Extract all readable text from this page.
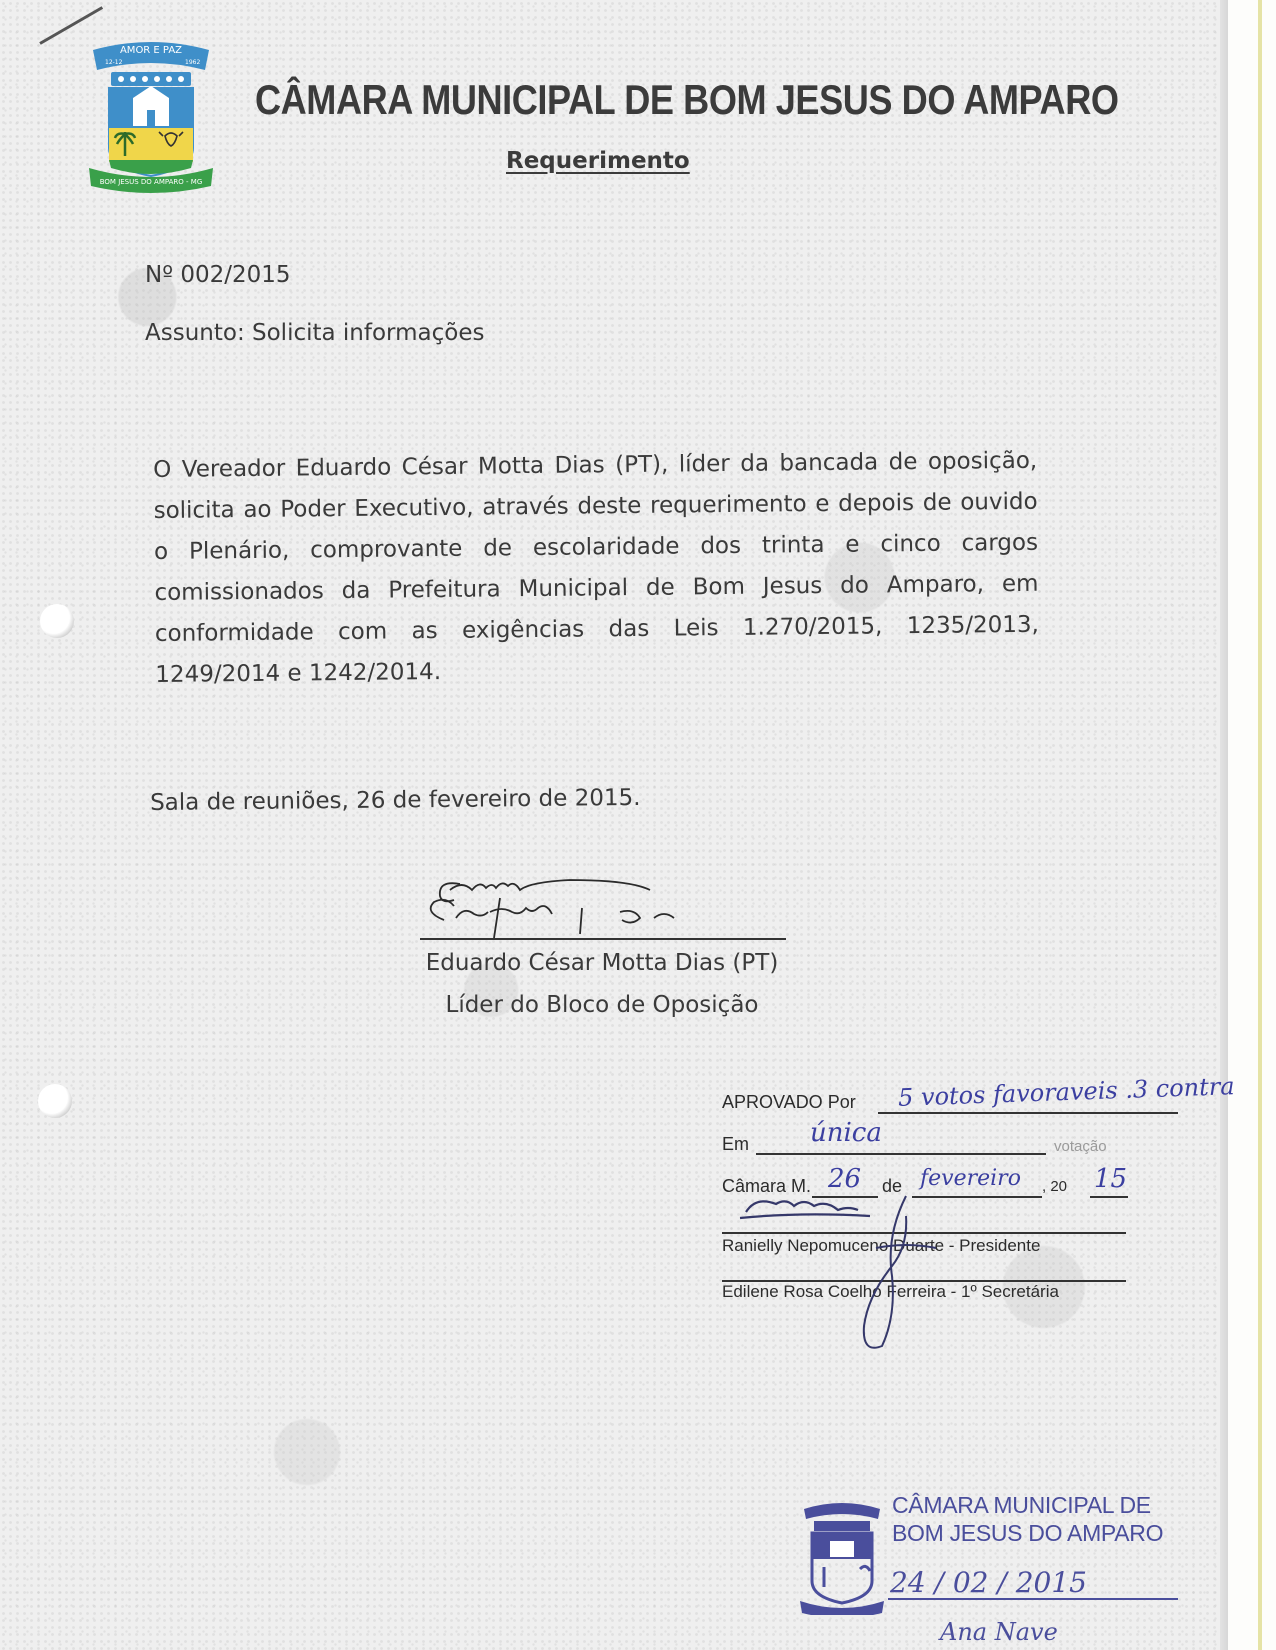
AMOR E PAZ
12-12	1962
BOM JESUS DO AMPARO - MG
CÂMARA MUNICIPAL DE BOM JESUS DO AMPARO
Requerimento
Nº 002/2015
Assunto: Solicita informações
O Vereador Eduardo César Motta Dias (PT), líder da bancada de oposição, solicita ao Poder Executivo, através deste requerimento e depois de ouvido o Plenário, comprovante de escolaridade dos trinta e cinco cargos comissionados da Prefeitura Municipal de Bom Jesus do Amparo, em conformidade com as exigências das Leis 1.270/2015, 1235/2013, 1249/2014 e 1242/2014.
Sala de reuniões, 26 de fevereiro de 2015.
Eduardo César Motta Dias (PT)
Líder do Bloco de Oposição
APROVADO Por 5 votos favoraveis .3 contra
Em única	votação
Câmara M. 26 de fevereiro , 20 15
Ranielly Nepomuceno Duarte - Presidente
Edilene Rosa Coelho Ferreira - 1º Secretária
CÂMARA MUNICIPAL DE
BOM JESUS DO AMPARO
24 / 02 / 2015
Ana Nave
